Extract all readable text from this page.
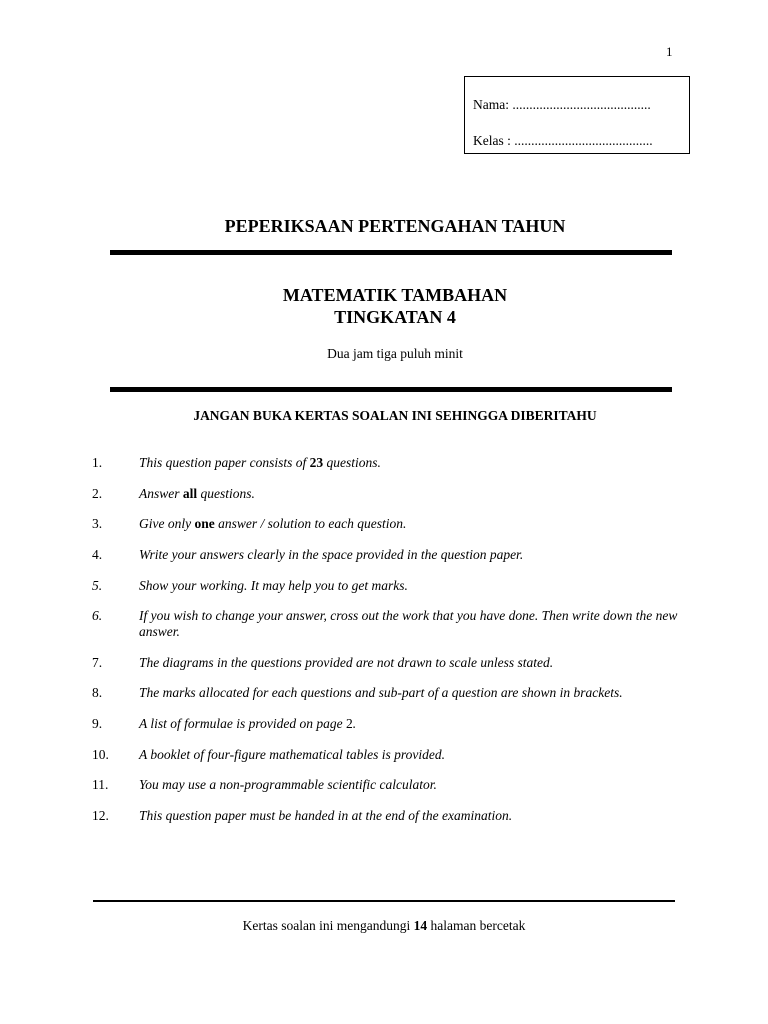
1
Nama: .........................................
Kelas : .........................................
PEPERIKSAAN PERTENGAHAN TAHUN
MATEMATIK TAMBAHAN
TINGKATAN 4
Dua jam tiga puluh minit
JANGAN BUKA KERTAS SOALAN INI SEHINGGA DIBERITAHU
1.	This question paper consists of 23 questions.
2.	Answer all questions.
3.	Give only one answer / solution to each question.
4.	Write your answers clearly in the space provided in the question paper.
5.	Show your working. It may help you to get marks.
6.	If you wish to change your answer, cross out the work that you have done. Then write down the new answer.
7.	The diagrams in the questions provided are not drawn to scale unless stated.
8.	The marks allocated for each questions and sub-part of a question are shown in brackets.
9.	A list of formulae is provided on page 2.
10. A booklet of four-figure mathematical tables is provided.
11. You may use a non-programmable scientific calculator.
12. This question paper must be handed in at the end of the examination.
Kertas soalan ini mengandungi 14 halaman bercetak
